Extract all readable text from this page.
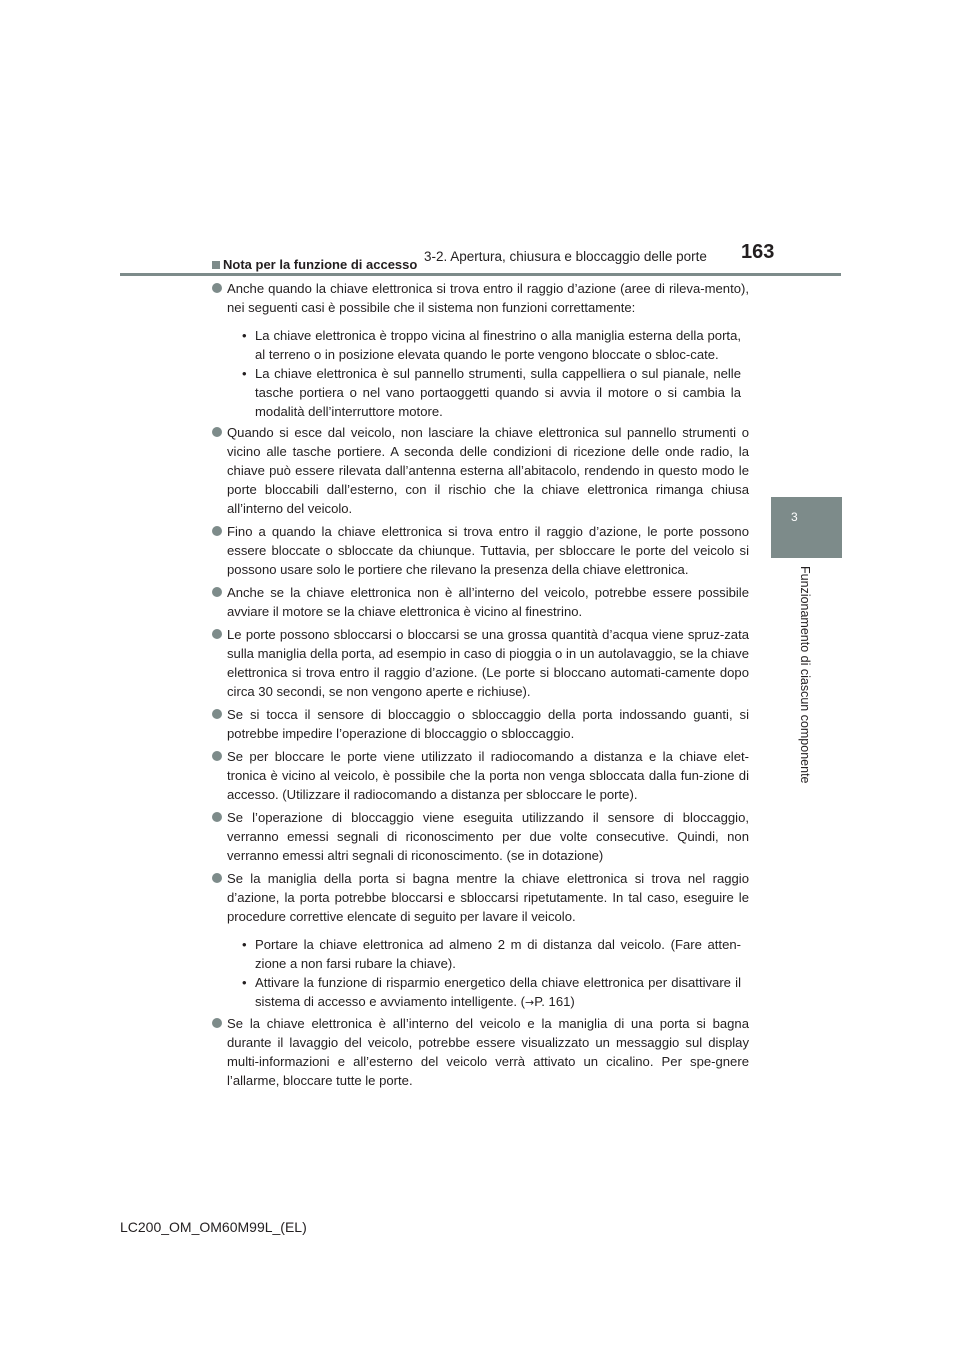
3-2. Apertura, chiusura e bloccaggio delle porte 163
3
Funzionamento di ciascun componente
Nota per la funzione di accesso
Anche quando la chiave elettronica si trova entro il raggio d’azione (aree di rileva-mento), nei seguenti casi è possibile che il sistema non funzioni correttamente:
• La chiave elettronica è troppo vicina al finestrino o alla maniglia esterna della porta, al terreno o in posizione elevata quando le porte vengono bloccate o sbloc-cate.
• La chiave elettronica è sul pannello strumenti, sulla cappelliera o sul pianale, nelle tasche portiera o nel vano portaoggetti quando si avvia il motore o si cambia la modalità dell’interruttore motore.
Quando si esce dal veicolo, non lasciare la chiave elettronica sul pannello strumenti o vicino alle tasche portiere. A seconda delle condizioni di ricezione delle onde radio, la chiave può essere rilevata dall’antenna esterna all’abitacolo, rendendo in questo modo le porte bloccabili dall’esterno, con il rischio che la chiave elettronica rimanga chiusa all’interno del veicolo.
Fino a quando la chiave elettronica si trova entro il raggio d’azione, le porte possono essere bloccate o sbloccate da chiunque. Tuttavia, per sbloccare le porte del veicolo si possono usare solo le portiere che rilevano la presenza della chiave elettronica.
Anche se la chiave elettronica non è all’interno del veicolo, potrebbe essere possibile avviare il motore se la chiave elettronica è vicino al finestrino.
Le porte possono sbloccarsi o bloccarsi se una grossa quantità d’acqua viene spruz-zata sulla maniglia della porta, ad esempio in caso di pioggia o in un autolavaggio, se la chiave elettronica si trova entro il raggio d’azione. (Le porte si bloccano automati-camente dopo circa 30 secondi, se non vengono aperte e richiuse).
Se si tocca il sensore di bloccaggio o sbloccaggio della porta indossando guanti, si potrebbe impedire l’operazione di bloccaggio o sbloccaggio.
Se per bloccare le porte viene utilizzato il radiocomando a distanza e la chiave elet-tronica è vicino al veicolo, è possibile che la porta non venga sbloccata dalla fun-zione di accesso. (Utilizzare il radiocomando a distanza per sbloccare le porte).
Se l’operazione di bloccaggio viene eseguita utilizzando il sensore di bloccaggio, verranno emessi segnali di riconoscimento per due volte consecutive. Quindi, non verranno emessi altri segnali di riconoscimento. (se in dotazione)
Se la maniglia della porta si bagna mentre la chiave elettronica si trova nel raggio d’azione, la porta potrebbe bloccarsi e sbloccarsi ripetutamente. In tal caso, eseguire le procedure correttive elencate di seguito per lavare il veicolo.
• Portare la chiave elettronica ad almeno 2 m di distanza dal veicolo. (Fare atten-zione a non farsi rubare la chiave).
• Attivare la funzione di risparmio energetico della chiave elettronica per disattivare il sistema di accesso e avviamento intelligente. (→P. 161)
Se la chiave elettronica è all’interno del veicolo e la maniglia di una porta si bagna durante il lavaggio del veicolo, potrebbe essere visualizzato un messaggio sul display multi-informazioni e all’esterno del veicolo verrà attivato un cicalino. Per spe-gnere l’allarme, bloccare tutte le porte.
LC200_OM_OM60M99L_(EL)
